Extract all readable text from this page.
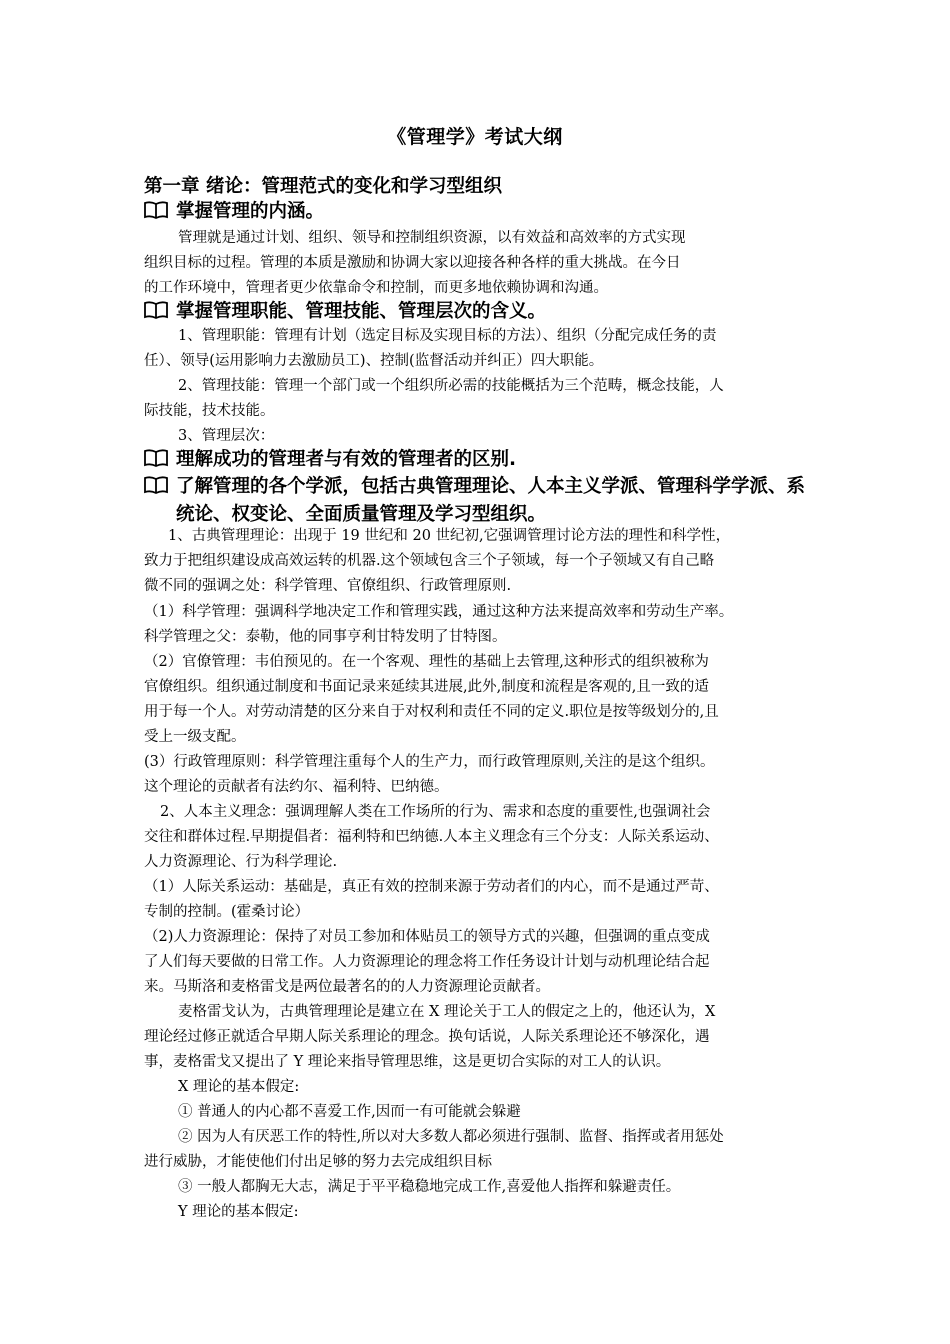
《管理学》考试大纲
第一章 绪论：管理范式的变化和学习型组织
掌握管理的内涵。
管理就是通过计划、组织、领导和控制组织资源，以有效益和高效率的方式实现
组织目标的过程。管理的本质是激励和协调大家以迎接各种各样的重大挑战。在今日
的工作环境中，管理者更少依靠命令和控制，而更多地依赖协调和沟通。
掌握管理职能、管理技能、管理层次的含义。
1、管理职能：管理有计划（选定目标及实现目标的方法）、组织（分配完成任务的责
任）、领导(运用影响力去激励员工)、控制(监督活动并纠正）四大职能。
2、管理技能：管理一个部门或一个组织所必需的技能概括为三个范畴，概念技能，人
际技能，技术技能。
3、管理层次：
理解成功的管理者与有效的管理者的区别.
了解管理的各个学派，包括古典管理理论、人本主义学派、管理科学学派、系统论、权变论、全面质量管理及学习型组织。
1、古典管理理论：出现于 19 世纪和 20 世纪初,它强调管理讨论方法的理性和科学性，
致力于把组织建设成高效运转的机器.这个领域包含三个子领域，每一个子领域又有自己略
微不同的强调之处：科学管理、官僚组织、行政管理原则.
（1）科学管理：强调科学地决定工作和管理实践，通过这种方法来提高效率和劳动生产率。
科学管理之父：泰勒，他的同事亨利甘特发明了甘特图。
（2）官僚管理：韦伯预见的。在一个客观、理性的基础上去管理,这种形式的组织被称为
官僚组织。组织通过制度和书面记录来延续其进展,此外,制度和流程是客观的,且一致的适
用于每一个人。对劳动清楚的区分来自于对权利和责任不同的定义.职位是按等级划分的,且
受上一级支配。
(3）行政管理原则：科学管理注重每个人的生产力，而行政管理原则,关注的是这个组织。
这个理论的贡献者有法约尔、福利特、巴纳德。
2、人本主义理念：强调理解人类在工作场所的行为、需求和态度的重要性,也强调社会
交往和群体过程.早期提倡者：福利特和巴纳德.人本主义理念有三个分支：人际关系运动、
人力资源理论、行为科学理论.
（1）人际关系运动：基础是，真正有效的控制来源于劳动者们的内心，而不是通过严苛、
专制的控制。(霍桑讨论）
（2)人力资源理论：保持了对员工参加和体贴员工的领导方式的兴趣，但强调的重点变成
了人们每天要做的日常工作。人力资源理论的理念将工作任务设计计划与动机理论结合起
来。马斯洛和麦格雷戈是两位最著名的的人力资源理论贡献者。
麦格雷戈认为，古典管理理论是建立在 X 理论关于工人的假定之上的，他还认为，X
理论经过修正就适合早期人际关系理论的理念。换句话说，人际关系理论还不够深化，遇
事，麦格雷戈又提出了 Y 理论来指导管理思维，这是更切合实际的对工人的认识。
X 理论的基本假定:
① 普通人的内心都不喜爱工作,因而一有可能就会躲避
② 因为人有厌恶工作的特性,所以对大多数人都必须进行强制、监督、指挥或者用惩处
进行威胁，才能使他们付出足够的努力去完成组织目标
③ 一般人都胸无大志，满足于平平稳稳地完成工作,喜爱他人指挥和躲避责任。
Y 理论的基本假定:
